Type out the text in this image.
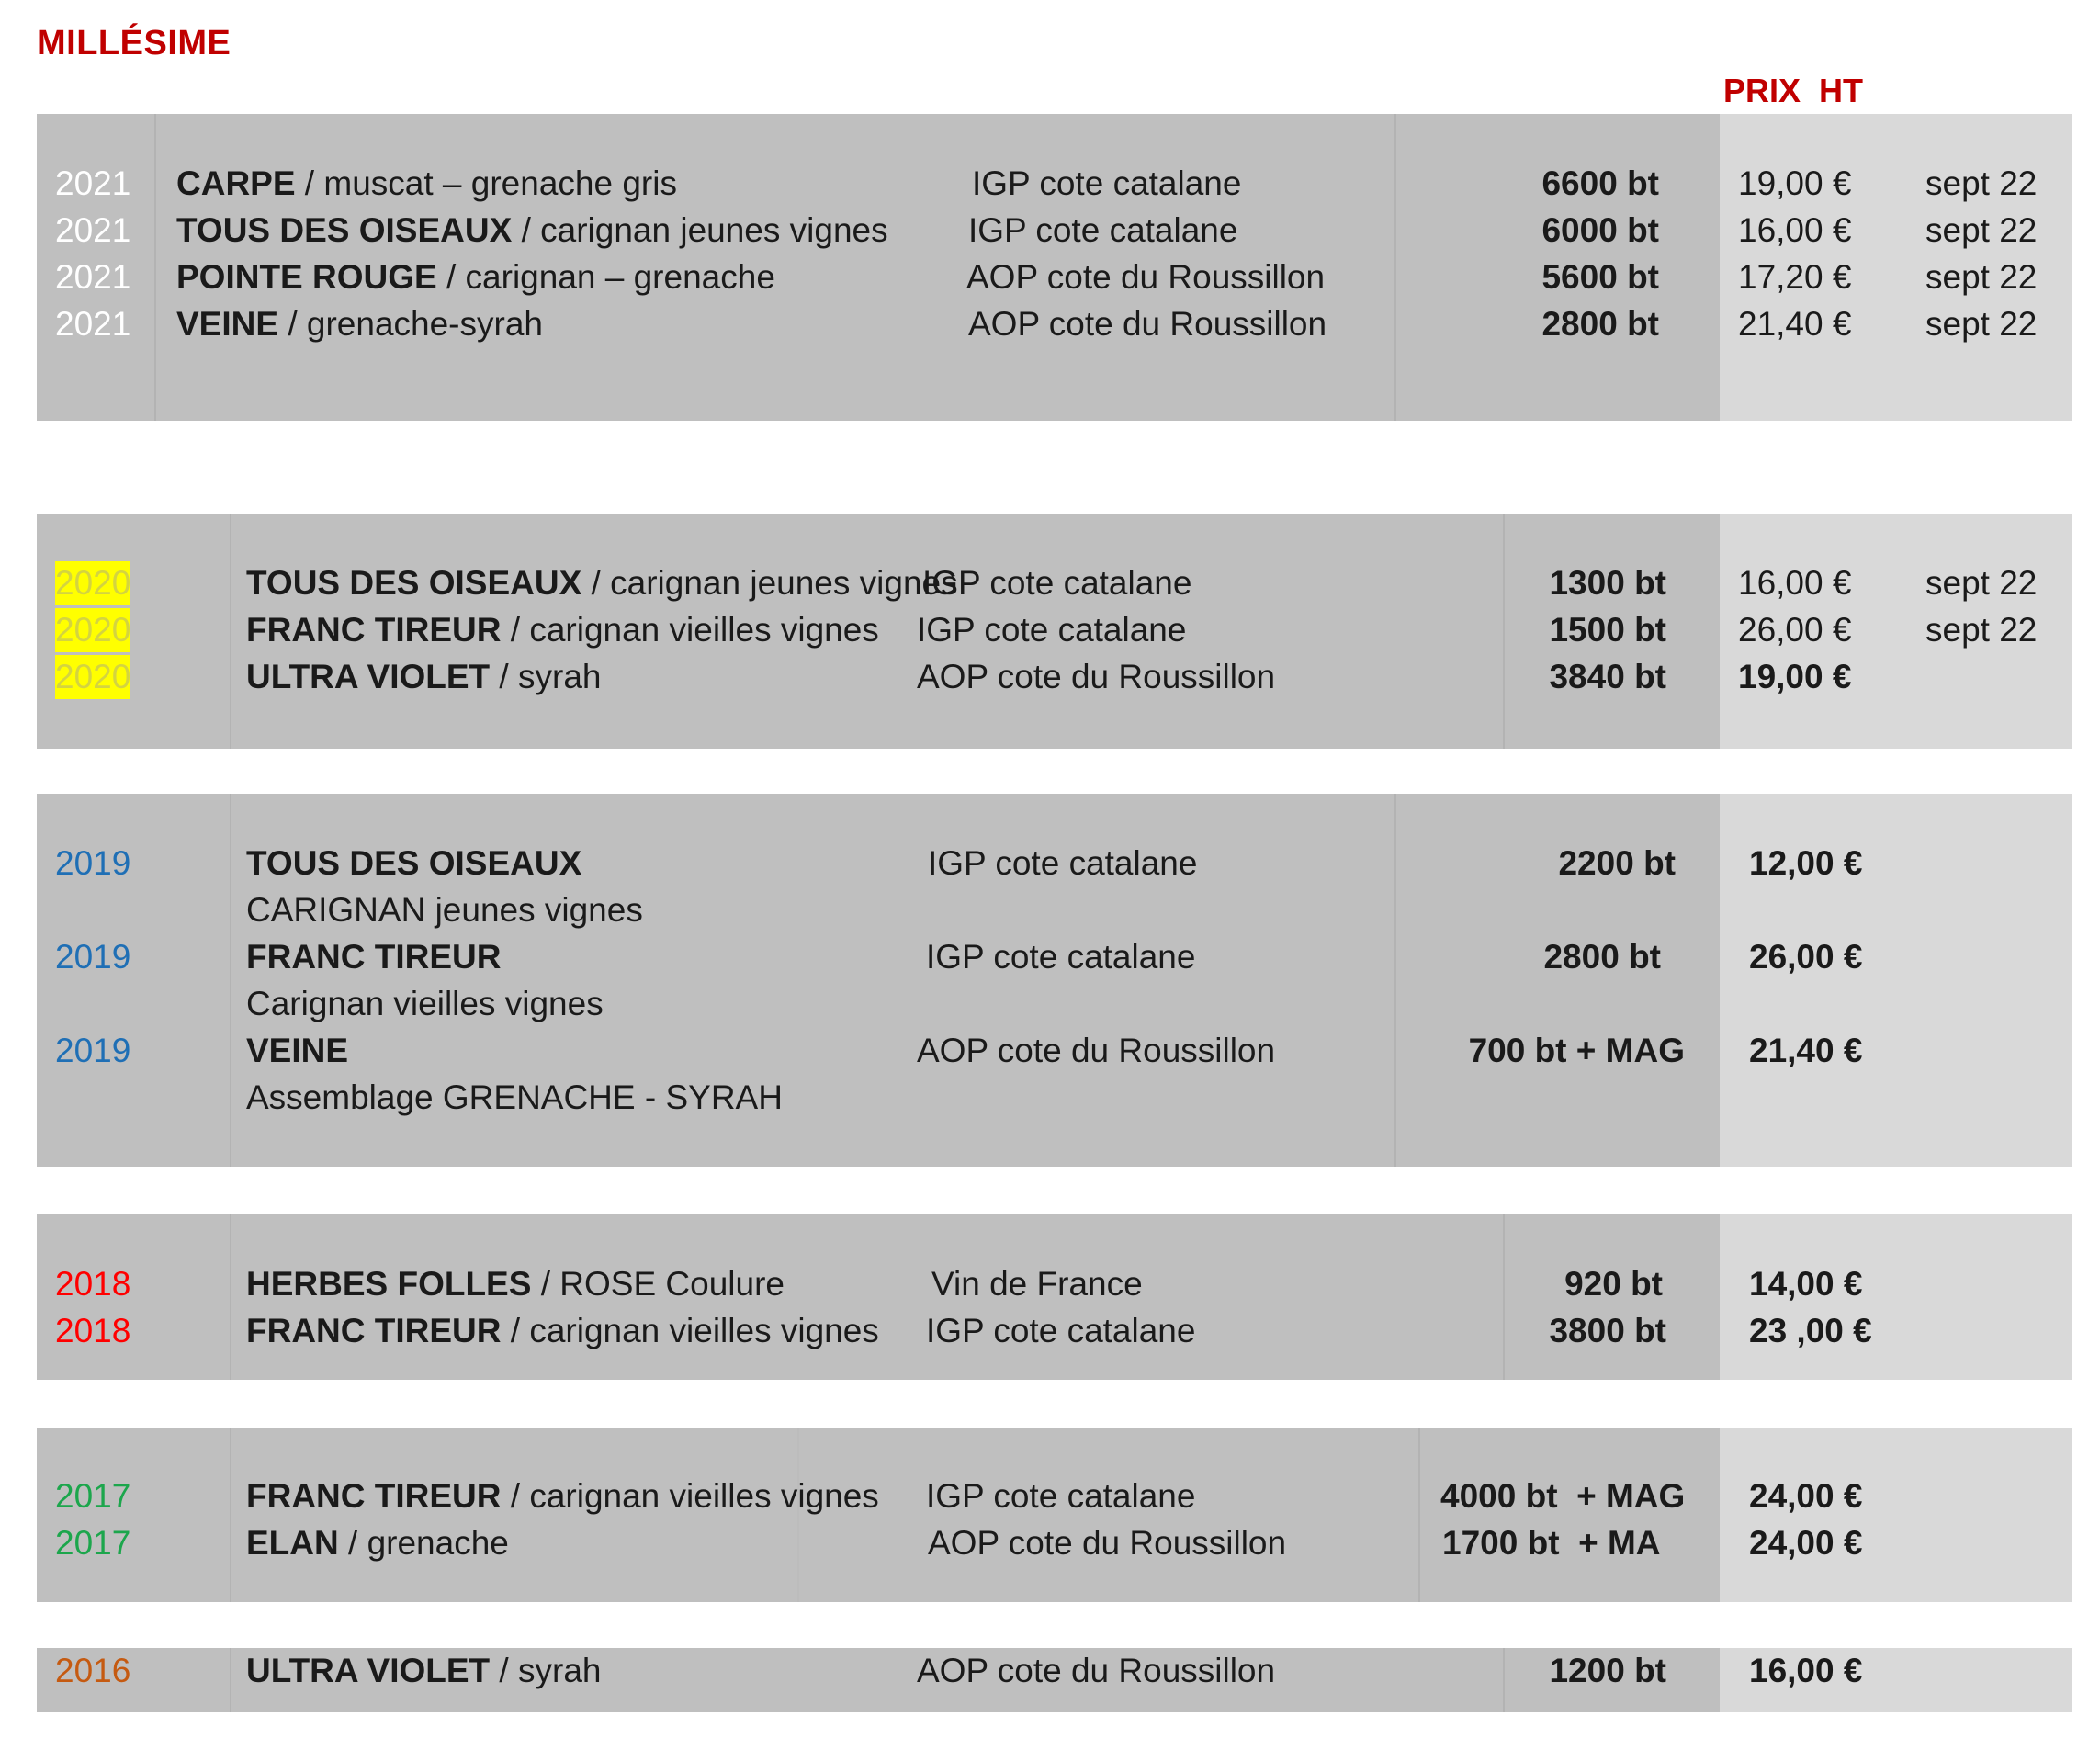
MILLÉSIME
PRIX  HT
2021 CARPE / muscat – grenache gris	IGP cote catalane	6600 bt 19,00 € sept 22
2021 TOUS DES OISEAUX / carignan jeunes vignes IGP cote catalane	6000 bt 16,00 € sept 22
2021 POINTE ROUGE / carignan – grenache	AOP cote du Roussillon	5600 bt 17,20 € sept 22
2021 VEINE / grenache-syrah	AOP cote du Roussillon	2800 bt 21,40 € sept 22
2020	TOUS DES OISEAUX / carignan jeunes vignes
IGP cote catalane	1300 bt 16,00 € sept 22
2020	FRANC TIREUR / carignan vieilles vignes IGP cote catalane	1500 bt 26,00 € sept 22
2020	ULTRA VIOLET / syrah	AOP cote du Roussillon	3840 bt 19,00 €
2019	TOUS DES OISEAUX
CARIGNAN jeunes vignes
IGP cote catalane	2200 bt 12,00 €
2019	FRANC TIREUR
Carignan vieilles vignes
IGP cote catalane	2800 bt	26,00 €
2019	VEINE
Assemblage GRENACHE - SYRAH
AOP cote du Roussillon	700 bt + MAG 21,40 €
2018	HERBES FOLLES / ROSE Coulure	Vin de France	920 bt	14,00 €
2018	FRANC TIREUR / carignan vieilles vignes IGP cote catalane	3800 bt 23 ,00 €
2017	FRANC TIREUR / carignan vieilles vignes IGP cote catalane	4000 bt  + MAG 24,00 €
2017	ELAN / grenache	AOP cote du Roussillon	1700 bt  + MA	24,00 €
2016	ULTRA VIOLET / syrah	AOP cote du Roussillon	1200 bt 16,00 €
